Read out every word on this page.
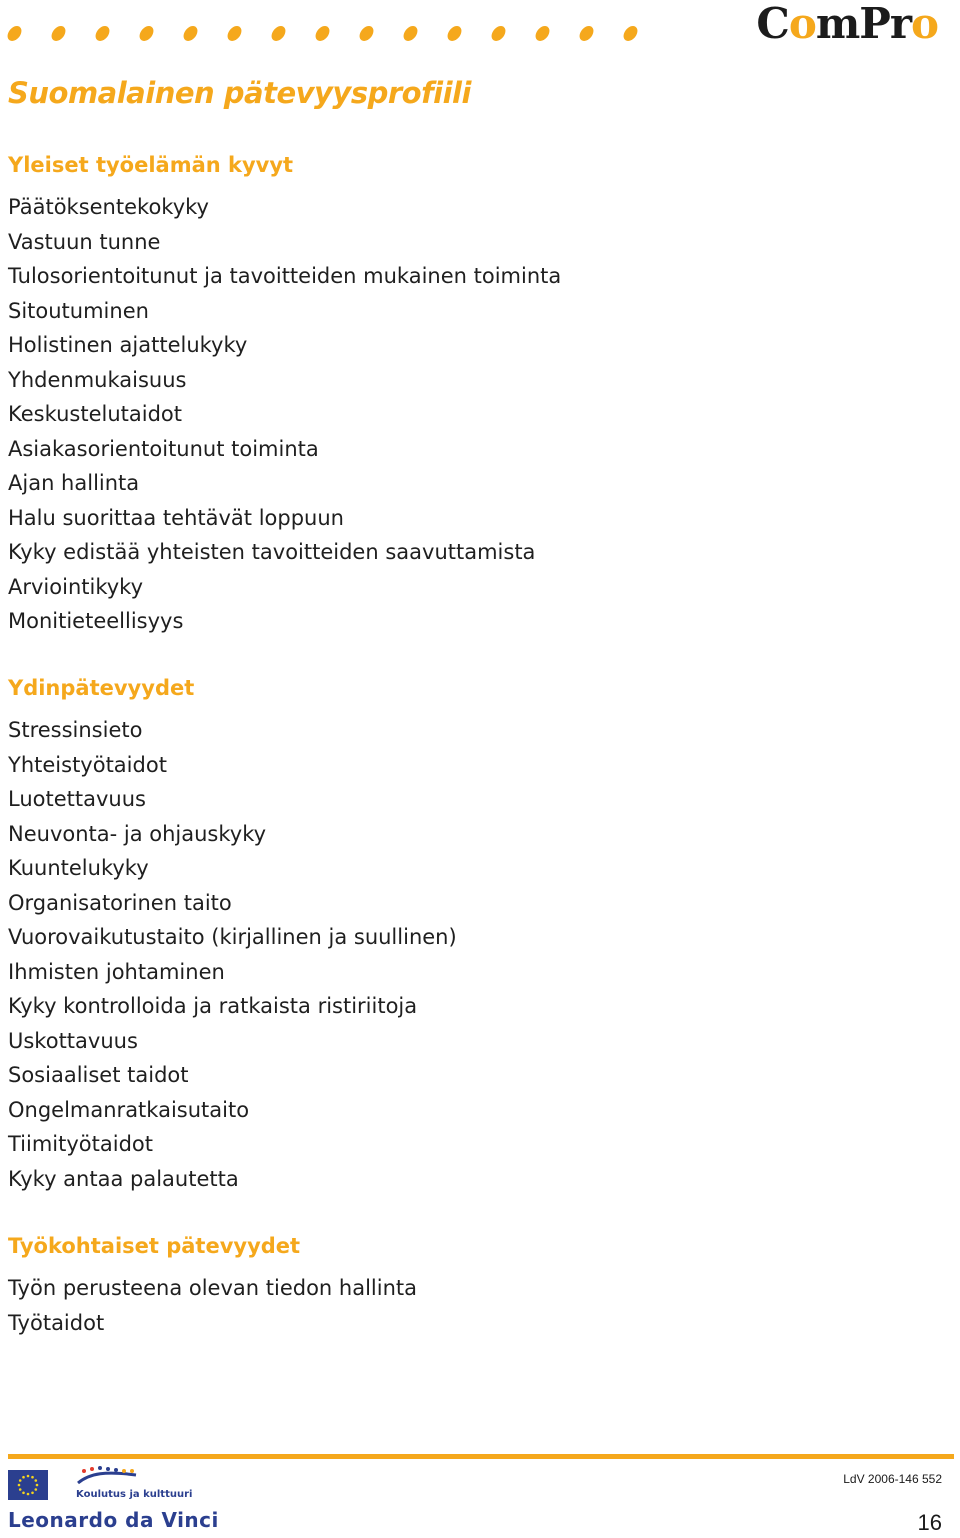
ComPro
Suomalainen pätevyysprofiili
Yleiset työelämän kyvyt
Päätöksentekokyky
Vastuun tunne
Tulosorientoitunut ja tavoitteiden mukainen toiminta
Sitoutuminen
Holistinen ajattelukyky
Yhdenmukaisuus
Keskustelutaidot
Asiakasorientoitunut toiminta
Ajan hallinta
Halu suorittaa tehtävät loppuun
Kyky edistää yhteisten tavoitteiden saavuttamista
Arviointikyky
Monitieteellisyys
Ydinpätevyydet
Stressinsieto
Yhteistyötaidot
Luotettavuus
Neuvonta- ja ohjauskyky
Kuuntelukyky
Organisatorinen taito
Vuorovaikutustaito (kirjallinen ja suullinen)
Ihmisten johtaminen
Kyky kontrolloida ja ratkaista ristiriitoja
Uskottavuus
Sosiaaliset taidot
Ongelmanratkaisutaito
Tiimityötaidot
Kyky antaa palautetta
Työkohtaiset pätevyydet
Työn perusteena olevan tiedon hallinta
Työtaidot
Koulutus ja kulttuuri
Leonardo da Vinci
LdV 2006-146 552
16
